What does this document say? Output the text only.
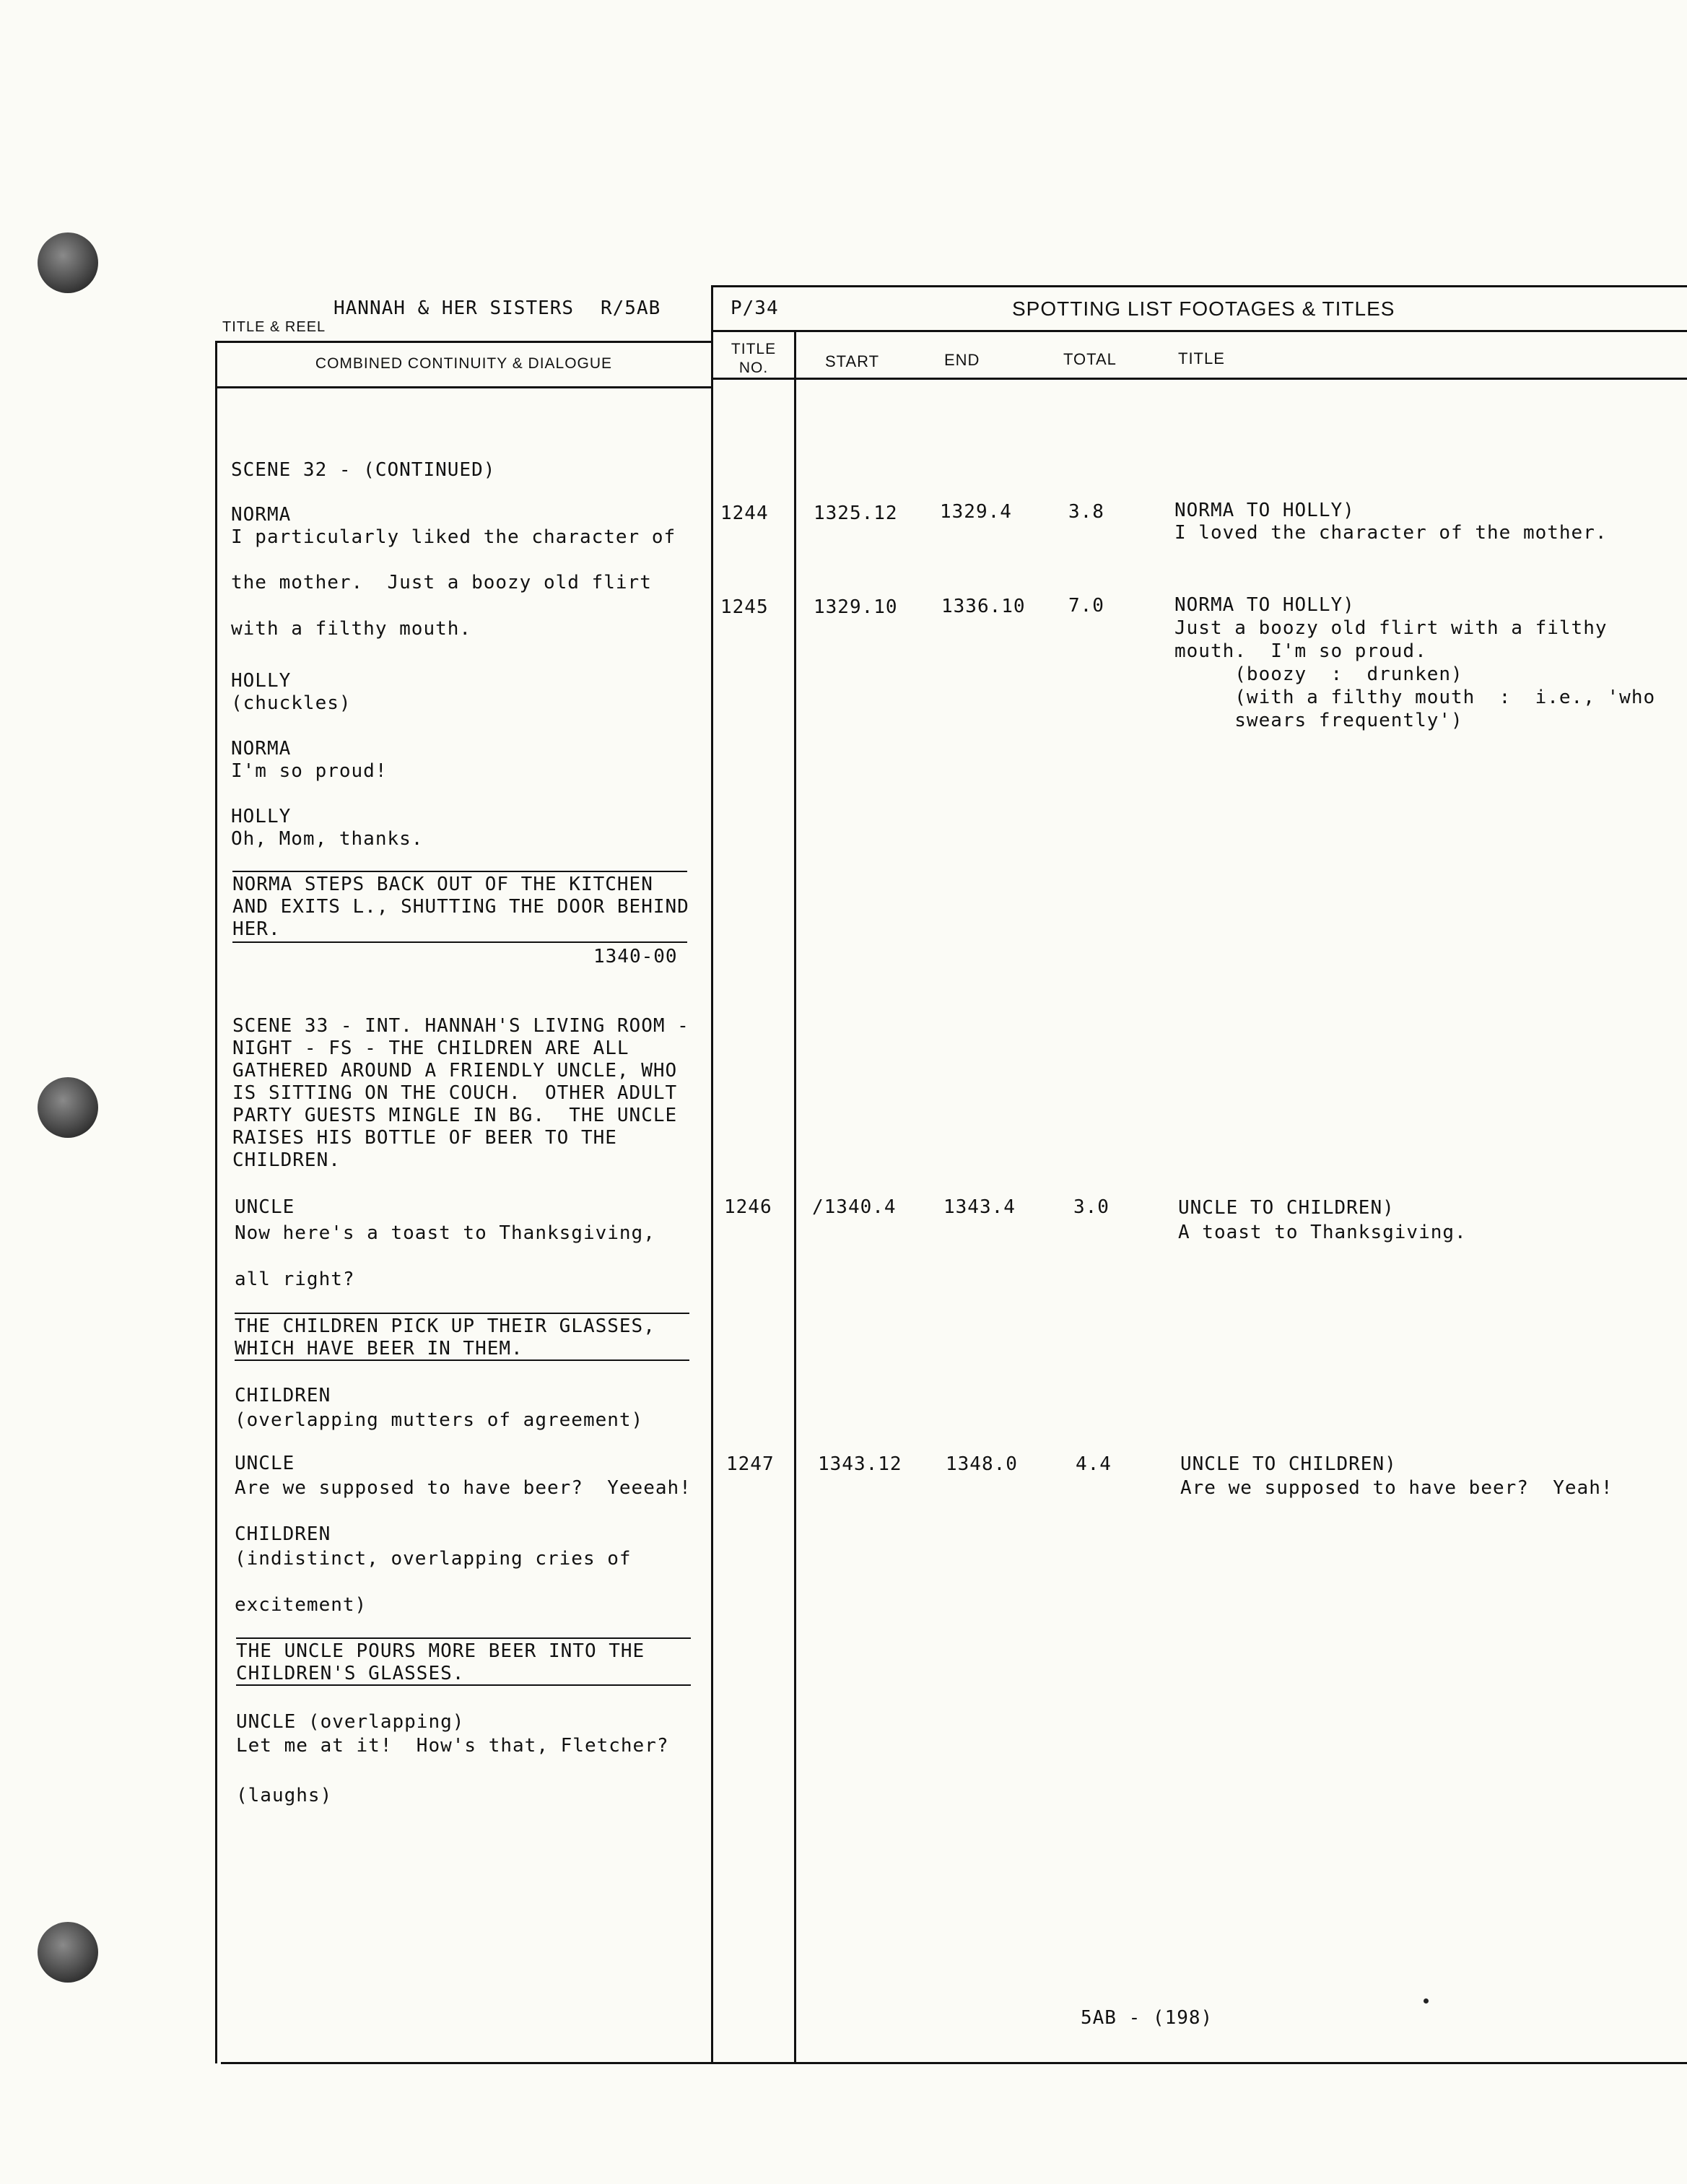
HANNAH & HER SISTERS R/5AB
TITLE & REEL
P/34	SPOTTING LIST FOOTAGES & TITLES
COMBINED CONTINUITY & DIALOGUE
TITLE
NO.	START	END	TOTAL	TITLE
SCENE 32 - (CONTINUED)
NORMA
I particularly liked the character of
the mother.  Just a boozy old flirt
with a filthy mouth.
HOLLY
(chuckles)
NORMA
I'm so proud!
HOLLY
Oh, Mom, thanks.
NORMA STEPS BACK OUT OF THE KITCHEN
AND EXITS L., SHUTTING THE DOOR BEHIND
HER.
1340-00
SCENE 33 - INT. HANNAH'S LIVING ROOM -
NIGHT - FS - THE CHILDREN ARE ALL
GATHERED AROUND A FRIENDLY UNCLE, WHO
IS SITTING ON THE COUCH.  OTHER ADULT
PARTY GUESTS MINGLE IN BG.  THE UNCLE
RAISES HIS BOTTLE OF BEER TO THE
CHILDREN.
UNCLE
Now here's a toast to Thanksgiving,
all right?
THE CHILDREN PICK UP THEIR GLASSES,
WHICH HAVE BEER IN THEM.
CHILDREN
(overlapping mutters of agreement)
UNCLE
Are we supposed to have beer?  Yeeeah!
CHILDREN
(indistinct, overlapping cries of
excitement)
THE UNCLE POURS MORE BEER INTO THE
CHILDREN'S GLASSES.
UNCLE (overlapping)
Let me at it!  How's that, Fletcher?
(laughs)
1244 1325.12 1329.4	3.8	NORMA TO HOLLY)
I loved the character of the mother.
1245 1329.10 1336.10 7.0	NORMA TO HOLLY)
Just a boozy old flirt with a filthy
mouth.  I'm so proud.
(boozy  :  drunken)
(with a filthy mouth  :  i.e., 'who
swears frequently')
1246 /1340.4	1343.4	3.0	UNCLE TO CHILDREN)
A toast to Thanksgiving.
1247 1343.12 1348.0	4.4	UNCLE TO CHILDREN)
Are we supposed to have beer?  Yeah!
5AB - (198)
